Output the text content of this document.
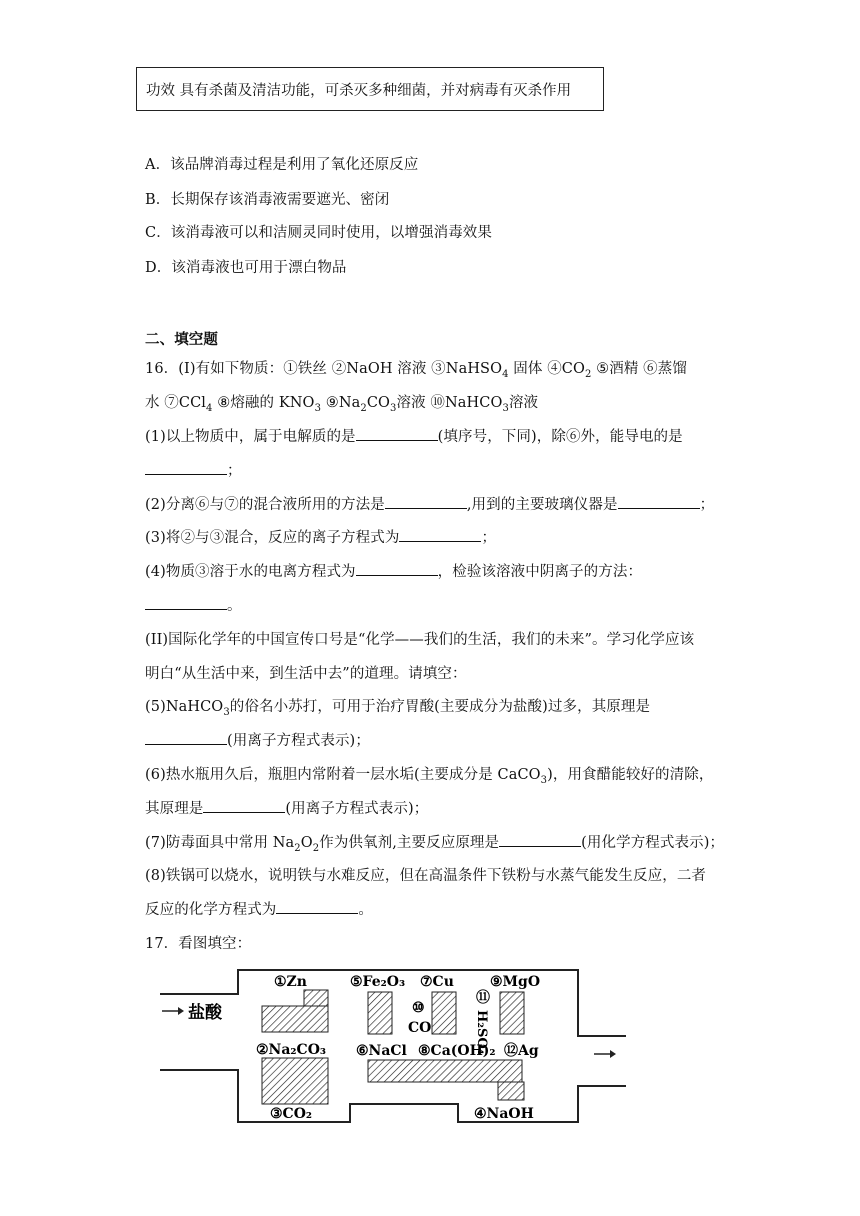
功效 具有杀菌及清洁功能，可杀灭多种细菌，并对病毒有灭杀作用
A．该品牌消毒过程是利用了氧化还原反应
B．长期保存该消毒液需要遮光、密闭
C．该消毒液可以和洁厕灵同时使用，以增强消毒效果
D．该消毒液也可用于漂白物品
二、填空题
16．(I)有如下物质：①铁丝 ②NaOH 溶液 ③NaHSO$_4$ 固体 $④CO_2$ ⑤酒精 ⑥蒸馏
水 ⑦CCl$_4$ ⑧熔融的 $KNO_3$ $⑨Na_2CO_3$溶液 ⑩NaHCO$_3$溶液
(1)以上物质中，属于电解质的是	(填序号，下同)，除⑥外，能导电的是
；
(2)分离⑥与⑦的混合液所用的方法是	,用到的主要玻璃仪器是	；
(3)将②与③混合，反应的离子方程式为	；
(4)物质③溶于水的电离方程式为	，检验该溶液中阴离子的方法：
。
(II)国际化学年的中国宣传口号是“化学——我们的生活，我们的未来”。学习化学应该
明白“从生活中来，到生活中去”的道理。请填空：
(5)NaHCO$_3$的俗名小苏打，可用于治疗胃酸(主要成分为盐酸)过多，其原理是
(用离子方程式表示)；
(6)热水瓶用久后，瓶胆内常附着一层水垢(主要成分是 CaCO$_3$)，用食醋能较好的清除，
其原理是	(用离子方程式表示)；
(7)防毒面具中常用 $Na_2O_2$作为供氧剂,主要反应原理是	(用化学方程式表示)；
(8)铁锅可以烧水，说明铁与水难反应，但在高温条件下铁粉与水蒸气能发生反应，二者
反应的化学方程式为	。
17．看图填空：
盐酸
①Zn	⑤Fe₂O₃ ⑦Cu	⑨MgO
⑩
CO
⑪
H₂SO₄
②Na₂CO₃ ⑥NaCl ⑧Ca(OH)₂ ⑫Ag
③CO₂	④NaOH
